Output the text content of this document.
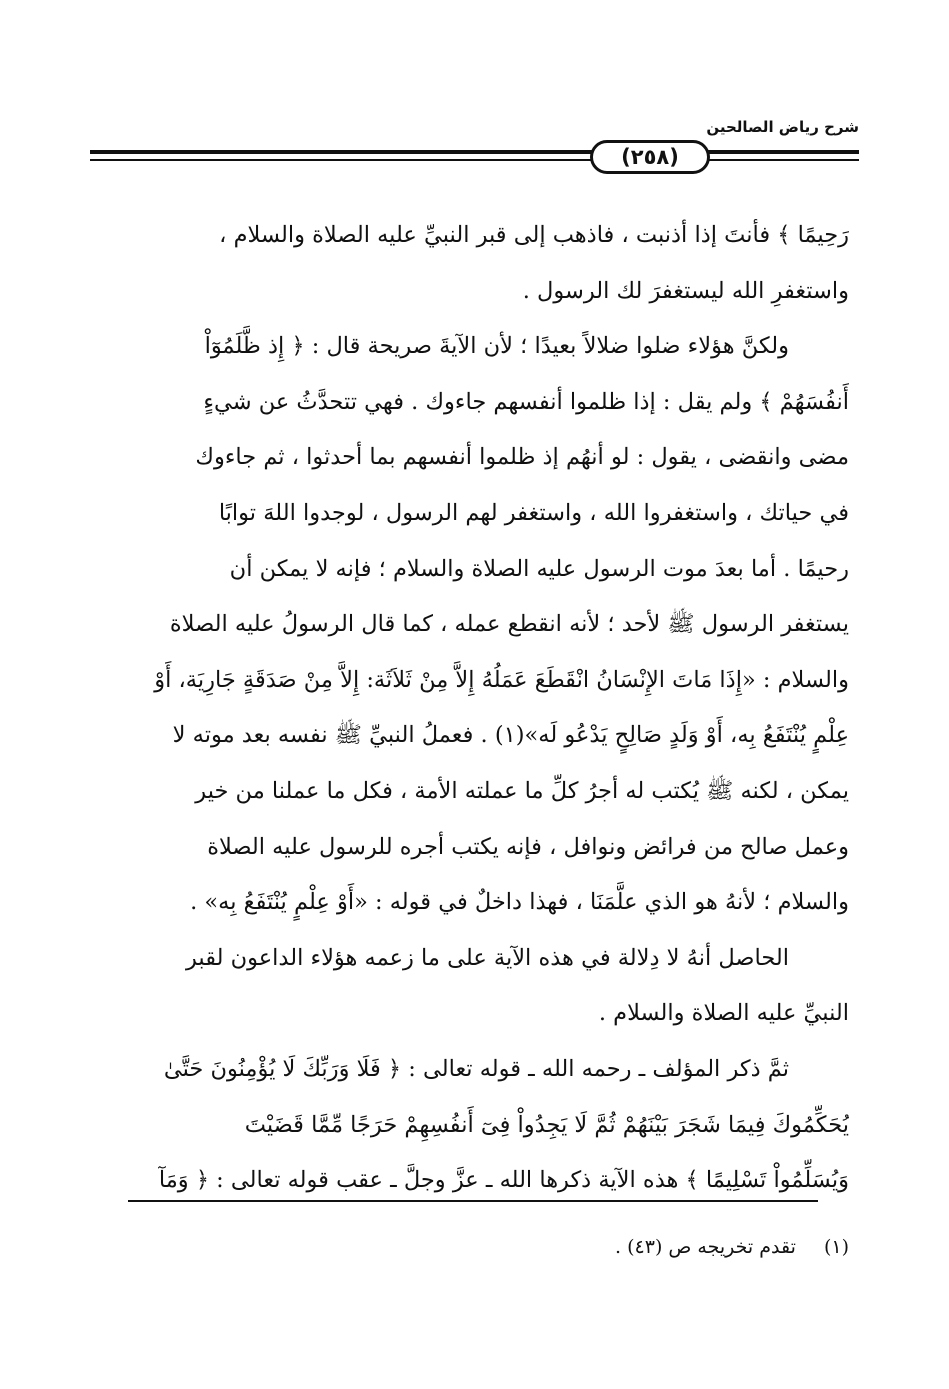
شرح رياض الصالحين
(٢٥٨)
رَحِيمًا ﴾ فأنتَ إذا أذنبت ، فاذهب إلى قبر النبيِّ عليه الصلاة والسلام ،
واستغفرِ الله ليستغفرَ لك الرسول .
ولكنَّ هؤلاء ضلوا ضلالاً بعيدًا ؛ لأن الآيةَ صريحة قال : ﴿ إِذ ظَّلَمُوٓاْ
أَنفُسَهُمْ ﴾ ولم يقل : إذا ظلموا أنفسهم جاءوك . فهي تتحدَّثُ عن شيءٍ
مضى وانقضى ، يقول : لو أنهُم إذ ظلموا أنفسهم بما أحدثوا ، ثم جاءوك
في حياتك ، واستغفروا الله ، واستغفر لهم الرسول ، لوجدوا اللهَ توابًا
رحيمًا . أما بعدَ موت الرسول عليه الصلاة والسلام ؛ فإنه لا يمكن أن
يستغفر الرسول ﷺ لأحد ؛ لأنه انقطع عمله ، كما قال الرسولُ عليه الصلاة
والسلام : «إِذَا مَاتَ الإِنْسَانُ انْقَطَعَ عَمَلُهُ إِلاَّ مِنْ ثَلاَثَة: إِلاَّ مِنْ صَدَقَةٍ جَارِيَة، أَوْ
عِلْمٍ يُنْتَفَعُ بِه، أَوْ وَلَدٍ صَالِحٍ يَدْعُو لَه»(١) . فعملُ النبيِّ ﷺ نفسه بعد موته لا
يمكن ، لكنه ﷺ يُكتب له أجرُ كلِّ ما عملته الأمة ، فكل ما عملنا من خير
وعمل صالح من فرائض ونوافل ، فإنه يكتب أجره للرسول عليه الصلاة
والسلام ؛ لأنهُ هو الذي علَّمَنَا ، فهذا داخلٌ في قوله : «أَوْ عِلْمٍ يُنْتَفَعُ بِه» .
الحاصل أنهُ لا دِلالة في هذه الآية على ما زعمه هؤلاء الداعون لقبر
النبيِّ عليه الصلاة والسلام .
ثمَّ ذكر المؤلف ـ رحمه الله ـ قوله تعالى : ﴿ فَلَا وَرَبِّكَ لَا يُؤْمِنُونَ حَتَّىٰ
يُحَكِّمُوكَ فِيمَا شَجَرَ بَيْنَهُمْ ثُمَّ لَا يَجِدُواْ فِىٓ أَنفُسِهِمْ حَرَجًا مِّمَّا قَضَيْتَ
وَيُسَلِّمُواْ تَسْلِيمًا ﴾ هذه الآية ذكرها الله ـ عزَّ وجلَّ ـ عقب قوله تعالى : ﴿ وَمَآ
(١) تقدم تخريجه ص (٤٣) .
